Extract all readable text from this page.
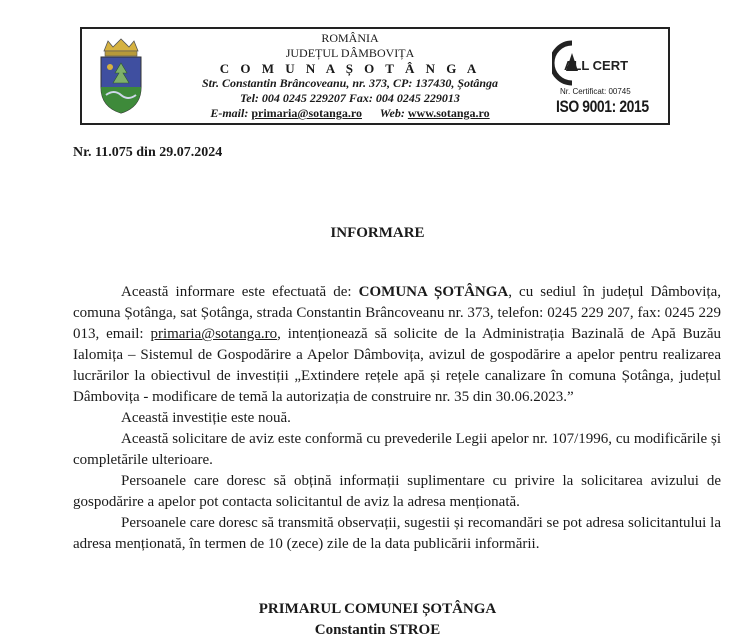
ROMÂNIA
JUDEȚUL DÂMBOVIȚA
C O M U N A Ș O T Â N G A
Str. Constantin Brâncoveanu, nr. 373, CP: 137430, Șotânga
Tel: 004 0245 229207 Fax: 004 0245 229013
E-mail: primaria@sotanga.ro Web: www.sotanga.ro
ALL CERT
Nr. Certificat: 00745
ISO 9001: 2015
Nr. 11.075 din 29.07.2024
INFORMARE

Această informare este efectuată de: COMUNA ȘOTÂNGA, cu sediul în județul Dâmbovița, comuna Șotânga, sat Șotânga, strada Constantin Brâncoveanu nr. 373, telefon: 0245 229 207, fax: 0245 229 013, email: primaria@sotanga.ro, intenționează să solicite de la Administrația Bazinală de Apă Buzău Ialomița – Sistemul de Gospodărire a Apelor Dâmbovița, avizul de gospodărire a apelor pentru realizarea lucrărilor la obiectivul de investiții „Extindere rețele apă și rețele canalizare în comuna Șotânga, județul Dâmbovița - modificare de temă la autorizația de construire nr. 35 din 30.06.2023.”

Această investiție este nouă.

Această solicitare de aviz este conformă cu prevederile Legii apelor nr. 107/1996, cu modificările și completările ulterioare.

Persoanele care doresc să obțină informații suplimentare cu privire la solicitarea avizului de gospodărire a apelor pot contacta solicitantul de aviz la adresa menționată.

Persoanele care doresc să transmită observații, sugestii și recomandări se pot adresa solicitantului la adresa menționată, în termen de 10 (zece) zile de la data publicării informării.

PRIMARUL COMUNEI ȘOTÂNGA
Constantin STROE
